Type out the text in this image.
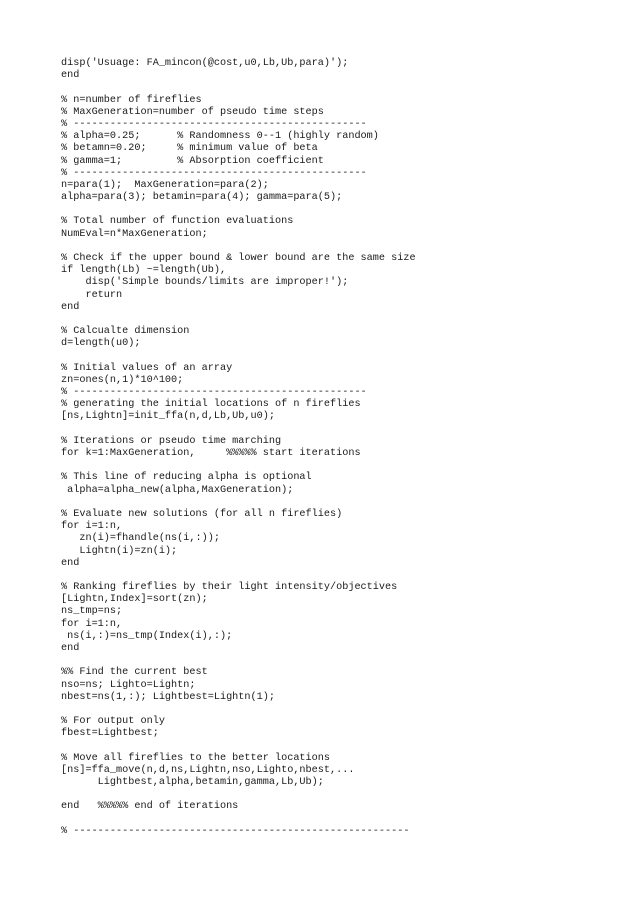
disp('Usuage: FA_mincon(@cost,u0,Lb,Ub,para)');
end
% n=number of fireflies
% MaxGeneration=number of pseudo time steps
% ------------------------------------------------
% alpha=0.25;      % Randomness 0--1 (highly random)
% betamn=0.20;     % minimum value of beta
% gamma=1;         % Absorption coefficient
% ------------------------------------------------
n=para(1);  MaxGeneration=para(2);
alpha=para(3); betamin=para(4); gamma=para(5);
% Total number of function evaluations
NumEval=n*MaxGeneration;
% Check if the upper bound & lower bound are the same size
if length(Lb) ~=length(Ub),
disp('Simple bounds/limits are improper!');
return
end
% Calcualte dimension
d=length(u0);
% Initial values of an array
zn=ones(n,1)*10^100;
% ------------------------------------------------
% generating the initial locations of n fireflies
[ns,Lightn]=init_ffa(n,d,Lb,Ub,u0);
% Iterations or pseudo time marching
for k=1:MaxGeneration,     %%%%% start iterations
% This line of reducing alpha is optional
alpha=alpha_new(alpha,MaxGeneration);
% Evaluate new solutions (for all n fireflies)
for i=1:n,
zn(i)=fhandle(ns(i,:));
Lightn(i)=zn(i);
end
% Ranking fireflies by their light intensity/objectives
[Lightn,Index]=sort(zn);
ns_tmp=ns;
for i=1:n,
ns(i,:)=ns_tmp(Index(i),:);
end
%% Find the current best
nso=ns; Lighto=Lightn;
nbest=ns(1,:); Lightbest=Lightn(1);
% For output only
fbest=Lightbest;
% Move all fireflies to the better locations
[ns]=ffa_move(n,d,ns,Lightn,nso,Lighto,nbest,...
Lightbest,alpha,betamin,gamma,Lb,Ub);
end   %%%%% end of iterations
% -------------------------------------------------------
